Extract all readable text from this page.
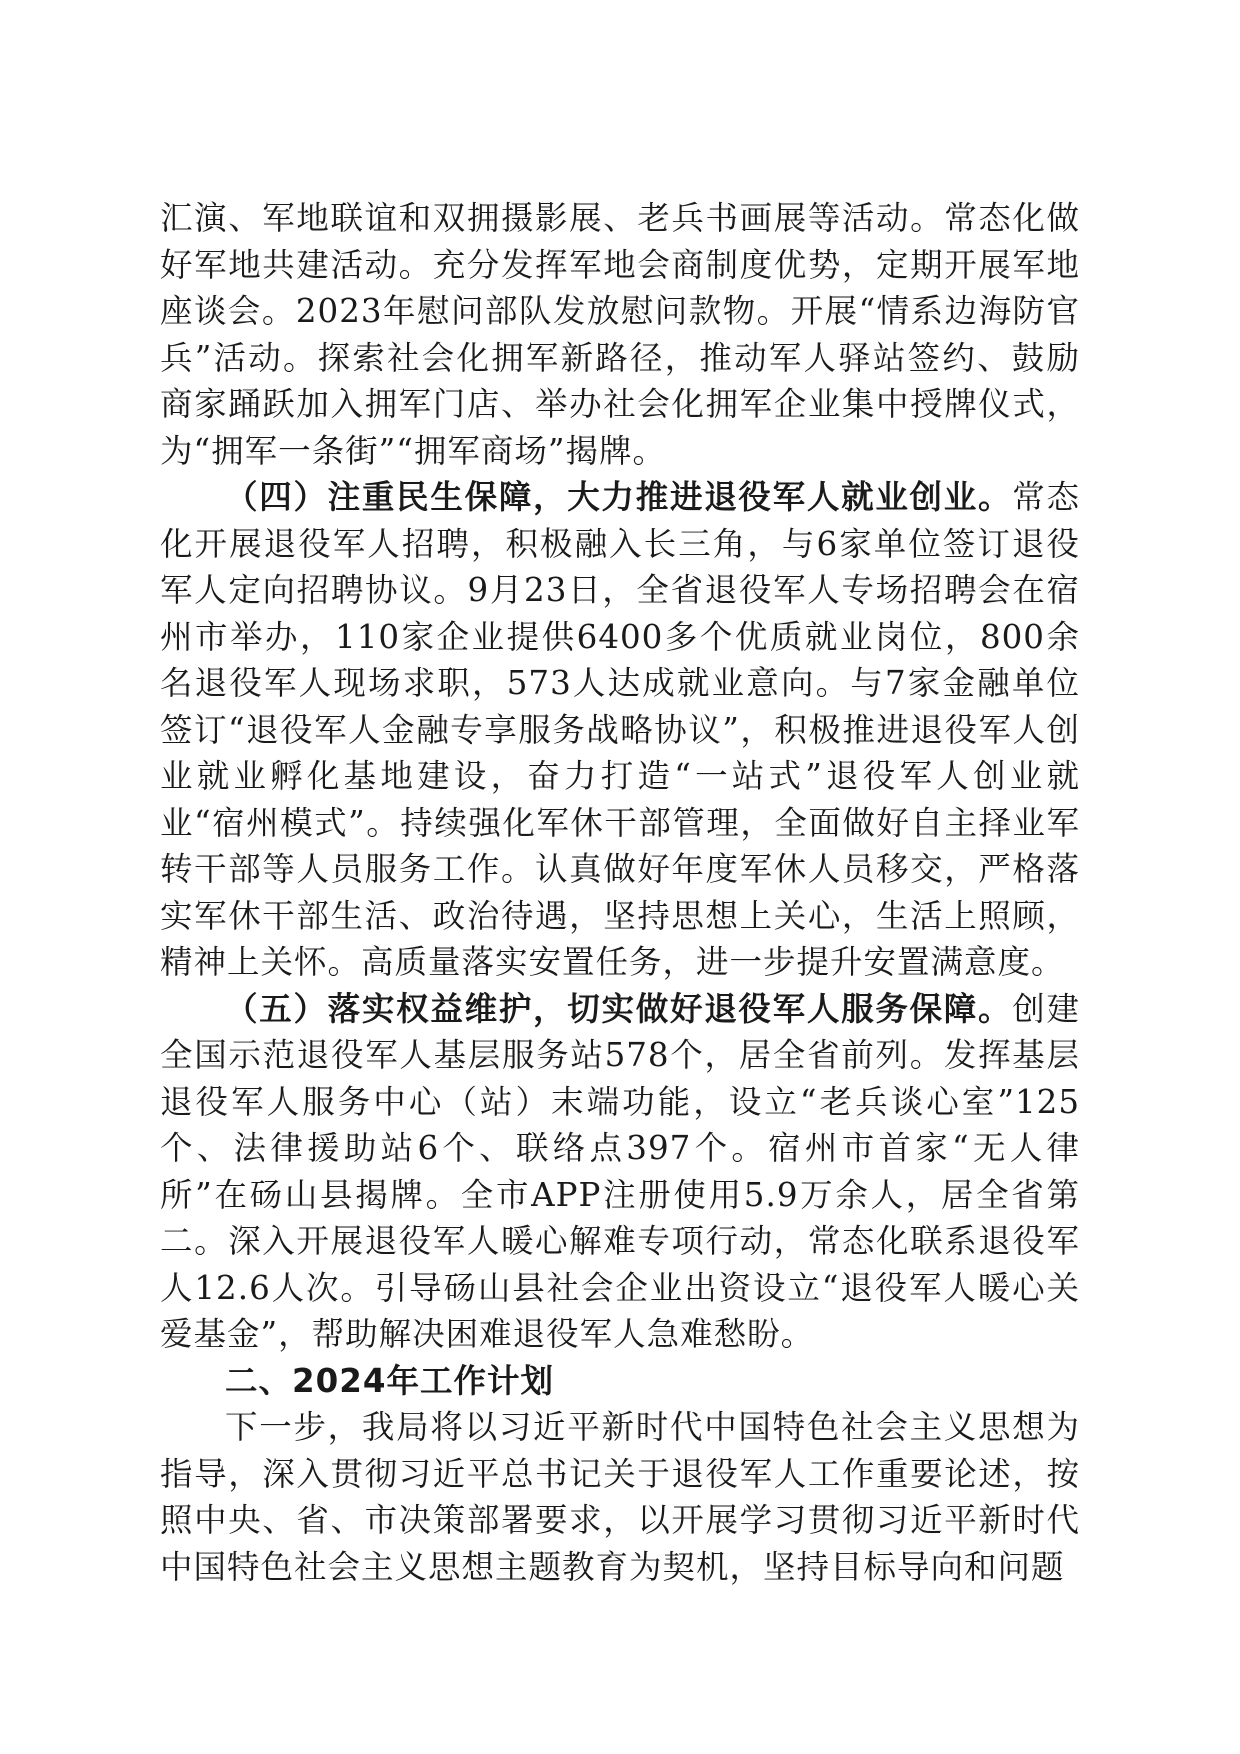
汇演、军地联谊和双拥摄影展、老兵书画展等活动。常态化做好军地共建活动。充分发挥军地会商制度优势，定期开展军地座谈会。2023年慰问部队发放慰问款物。开展“情系边海防官兵”活动。探索社会化拥军新路径，推动军人驿站签约、鼓励商家踊跃加入拥军门店、举办社会化拥军企业集中授牌仪式，为“拥军一条街”“拥军商场”揭牌。

（四）注重民生保障，大力推进退役军人就业创业。常态化开展退役军人招聘，积极融入长三角，与6家单位签订退役军人定向招聘协议。9月23日，全省退役军人专场招聘会在宿州市举办，110家企业提供6400多个优质就业岗位，800余名退役军人现场求职，573人达成就业意向。与7家金融单位签订“退役军人金融专享服务战略协议”，积极推进退役军人创业就业孵化基地建设，奋力打造“一站式”退役军人创业就业“宿州模式”。持续强化军休干部管理，全面做好自主择业军转干部等人员服务工作。认真做好年度军休人员移交，严格落实军休干部生活、政治待遇，坚持思想上关心，生活上照顾，精神上关怀。高质量落实安置任务，进一步提升安置满意度。

（五）落实权益维护，切实做好退役军人服务保障。创建全国示范退役军人基层服务站578个，居全省前列。发挥基层退役军人服务中心（站）末端功能，设立“老兵谈心室”125个、法律援助站6个、联络点397个。宿州市首家“无人律所”在砀山县揭牌。全市APP注册使用5.9万余人，居全省第二。深入开展退役军人暖心解难专项行动，常态化联系退役军人12.6人次。引导砀山县社会企业出资设立“退役军人暖心关爱基金”，帮助解决困难退役军人急难愁盼。

二、2024年工作计划

下一步，我局将以习近平新时代中国特色社会主义思想为指导，深入贯彻习近平总书记关于退役军人工作重要论述，按照中央、省、市决策部署要求，以开展学习贯彻习近平新时代中国特色社会主义思想主题教育为契机，坚持目标导向和问题
